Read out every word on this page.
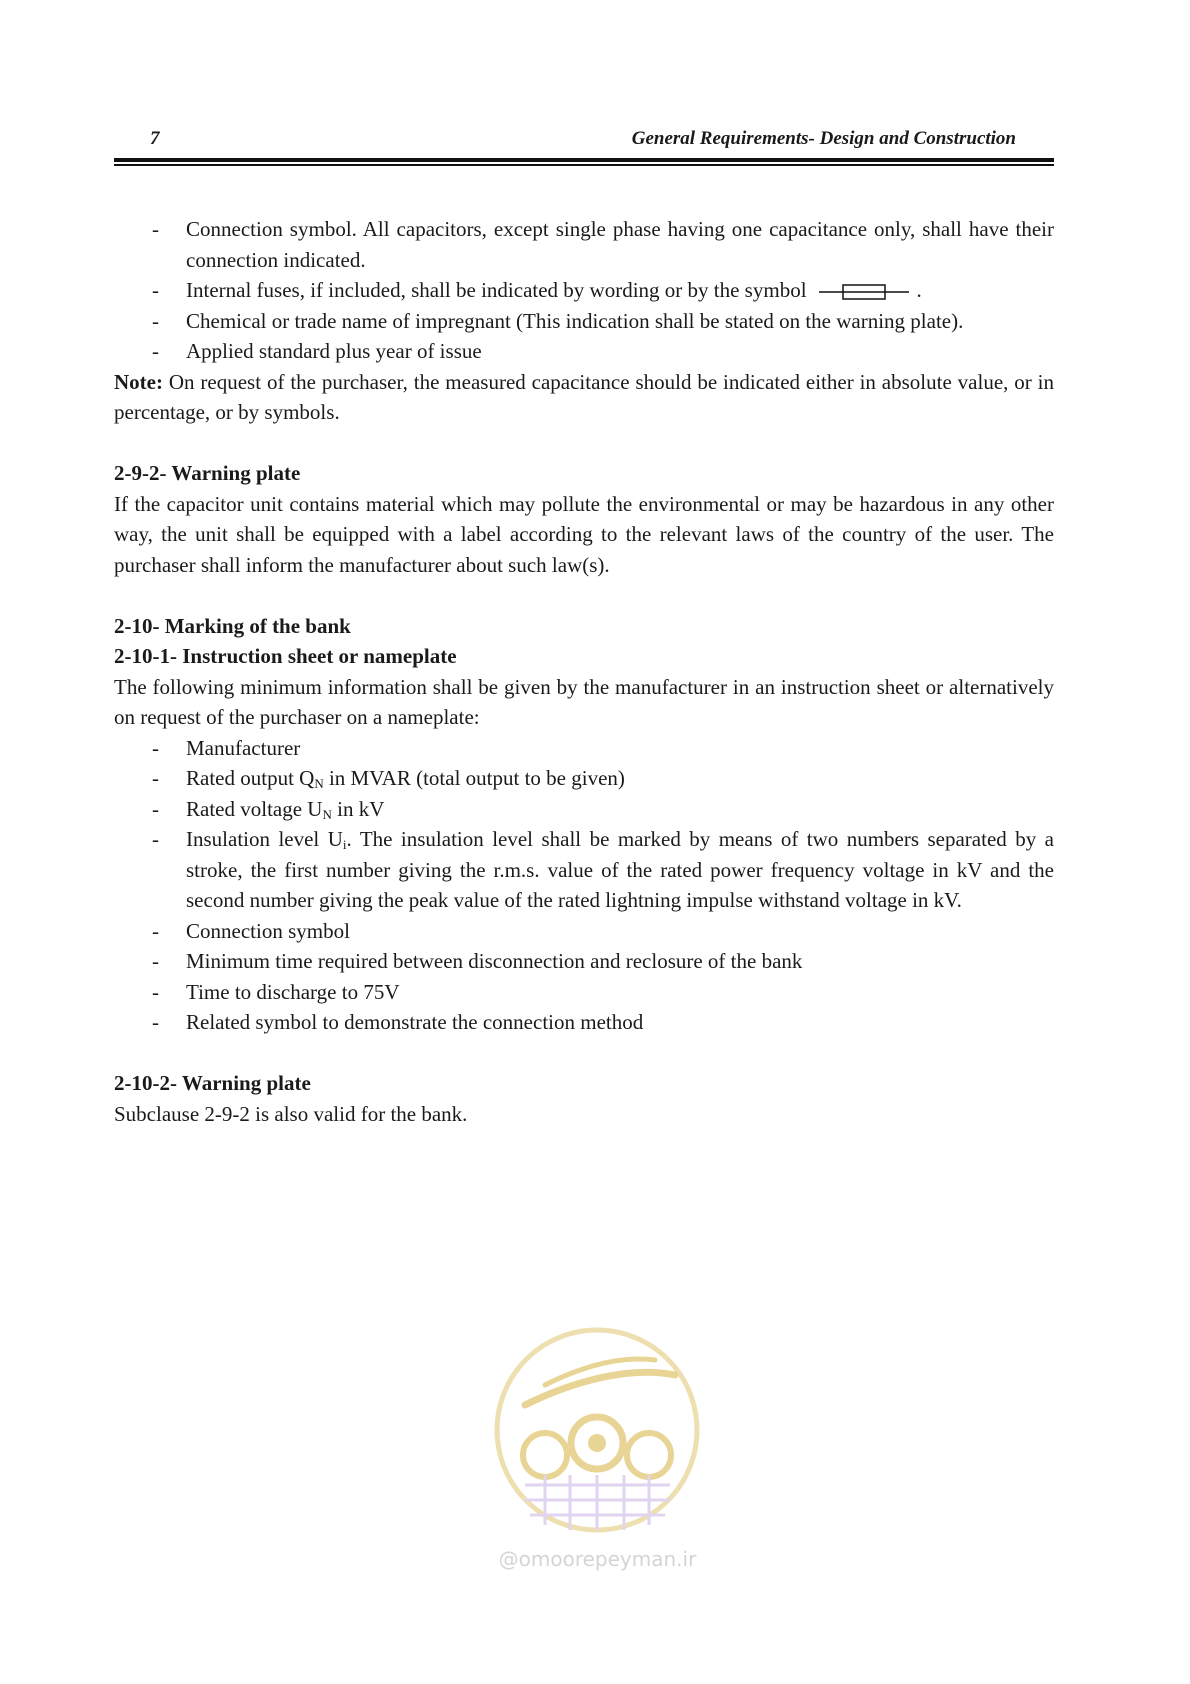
7	General Requirements- Design and Construction
- Connection symbol. All capacitors, except single phase having one capacitance only, shall have their connection indicated.
- Internal fuses, if included, shall be indicated by wording or by the symbol	.
- Chemical or trade name of impregnant (This indication shall be stated on the warning plate).
- Applied standard plus year of issue

Note: On request of the purchaser, the measured capacitance should be indicated either in absolute value, or in percentage, or by symbols.

2-9-2- Warning plate

If the capacitor unit contains material which may pollute the environmental or may be hazardous in any other way, the unit shall be equipped with a label according to the relevant laws of the country of the user. The purchaser shall inform the manufacturer about such law(s).

2-10- Marking of the bank

2-10-1- Instruction sheet or nameplate

The following minimum information shall be given by the manufacturer in an instruction sheet or alternatively on request of the purchaser on a nameplate:

- Manufacturer
- Rated output $Q_N$ in MVAR (total output to be given)
- Rated voltage $U_N$ in kV
- Insulation level $U_i$. The insulation level shall be marked by means of two numbers separated by a stroke, the first number giving the r.m.s. value of the rated power frequency voltage in kV and the second number giving the peak value of the rated lightning impulse withstand voltage in kV.
- Connection symbol
- Minimum time required between disconnection and reclosure of the bank
- Time to discharge to 75V
- Related symbol to demonstrate the connection method

2-10-2- Warning plate

Subclause 2-9-2 is also valid for the bank.

@omoorepeyman.ir
